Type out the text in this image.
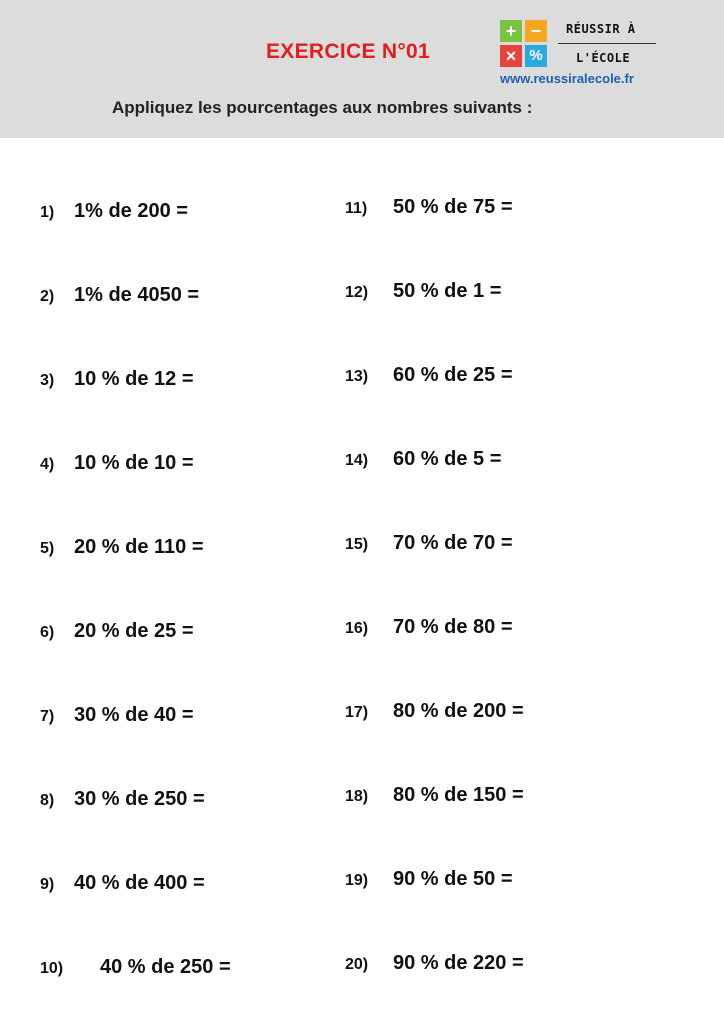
EXERCICE N°01
Appliquez les pourcentages aux nombres suivants :
+ −
× %
RÉUSSIR À
L'ÉCOLE
www.reussiralecole.fr
1) 1% de 200 =	11) 50 % de 75 =
2) 1% de 4050 =	12) 50 % de 1 =
3) 10 % de 12 =	13) 60 % de 25 =
4) 10 % de 10 =	14) 60 % de 5 =
5) 20 % de 110 =	15) 70 % de 70 =
6) 20 % de 25 =	16) 70 % de 80 =
7) 30 % de 40 =	17) 80 % de 200 =
8) 30 % de 250 =	18) 80 % de 150 =
9) 40 % de 400 =	19) 90 % de 50 =
10) 40 % de 250 =	20) 90 % de 220 =
